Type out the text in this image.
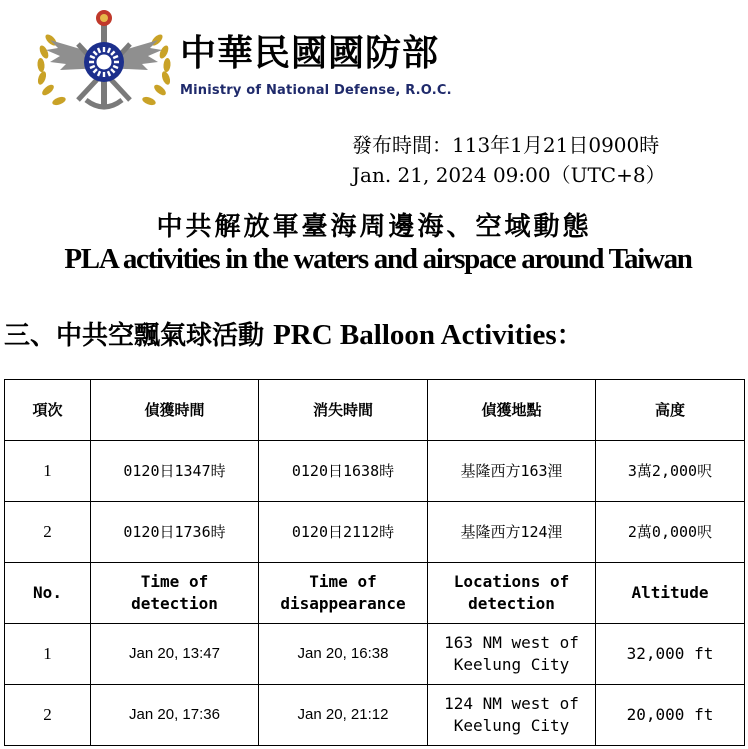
中華民國國防部
Ministry of National Defense, R.O.C.
發布時間：113年1月21日0900時
Jan. 21, 2024 09:00（UTC+8）
中共解放軍臺海周邊海、空域動態
PLA activities in the waters and airspace around Taiwan
三、中共空飄氣球活動 PRC Balloon Activities：
項次	偵獲時間	消失時間	偵獲地點	高度
1	0120日1347時	0120日1638時	基隆西方163浬	3萬2,000呎
2	0120日1736時	0120日2112時	基隆西方124浬	2萬0,000呎
No.	Time of detection	Time of disappearance	Locations of detection	Altitude
1	Jan 20, 13:47	Jan 20, 16:38	163 NM west of Keelung City	32,000 ft
2	Jan 20, 17:36	Jan 20, 21:12	124 NM west of Keelung City	20,000 ft
